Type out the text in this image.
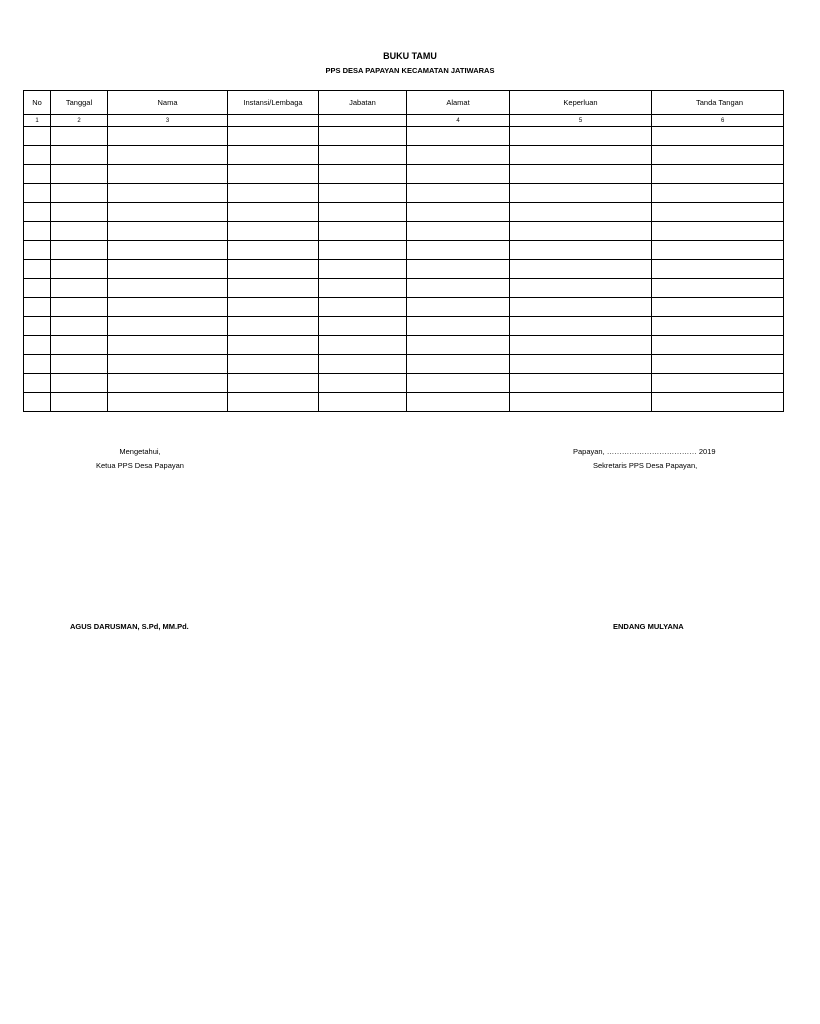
BUKU TAMU
PPS DESA PAPAYAN KECAMATAN JATIWARAS
No	Tanggal	Nama	Instansi/Lembaga	Jabatan	Alamat	Keperluan	Tanda Tangan
1	2	3			4	5	6

Mengetahui,
Ketua PPS Desa Papayan
AGUS DARUSMAN, S.Pd, MM.Pd.
Papayan, ……………………………… 2019
Sekretaris PPS Desa Papayan,
ENDANG MULYANA
